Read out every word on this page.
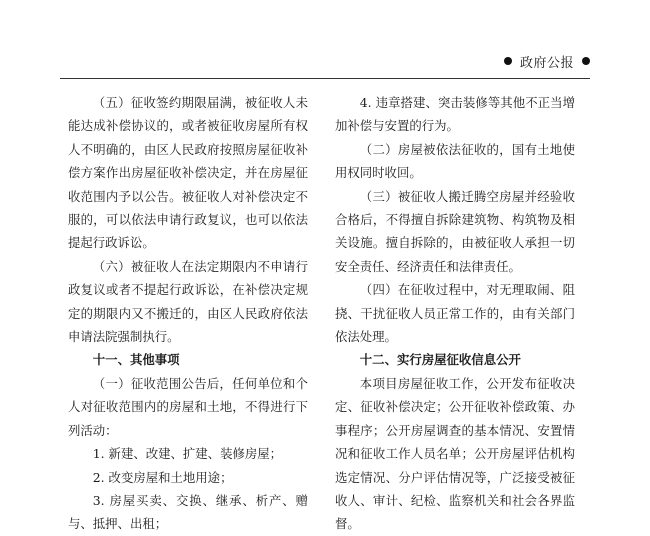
政府公报

（五）征收签约期限届满，被征收人未能达成补偿协议的，或者被征收房屋所有权人不明确的，由区人民政府按照房屋征收补偿方案作出房屋征收补偿决定，并在房屋征收范围内予以公告。被征收人对补偿决定不服的，可以依法申请行政复议，也可以依法提起行政诉讼。

（六）被征收人在法定期限内不申请行政复议或者不提起行政诉讼，在补偿决定规定的期限内又不搬迁的，由区人民政府依法申请法院强制执行。

十一、其他事项

（一）征收范围公告后，任何单位和个人对征收范围内的房屋和土地，不得进行下列活动：

1. 新建、改建、扩建、装修房屋；

2. 改变房屋和土地用途；

3. 房屋买卖、交换、继承、析产、赠与、抵押、出租；

4. 违章搭建、突击装修等其他不正当增加补偿与安置的行为。

（二）房屋被依法征收的，国有土地使用权同时收回。

（三）被征收人搬迁腾空房屋并经验收合格后，不得擅自拆除建筑物、构筑物及相关设施。擅自拆除的，由被征收人承担一切安全责任、经济责任和法律责任。

（四）在征收过程中，对无理取闹、阻挠、干扰征收人员正常工作的，由有关部门依法处理。

十二、实行房屋征收信息公开

本项目房屋征收工作，公开发布征收决定、征收补偿决定；公开征收补偿政策、办事程序；公开房屋调查的基本情况、安置情况和征收工作人员名单；公开房屋评估机构选定情况、分户评估情况等，广泛接受被征收人、审计、纪检、监察机关和社会各界监督。
